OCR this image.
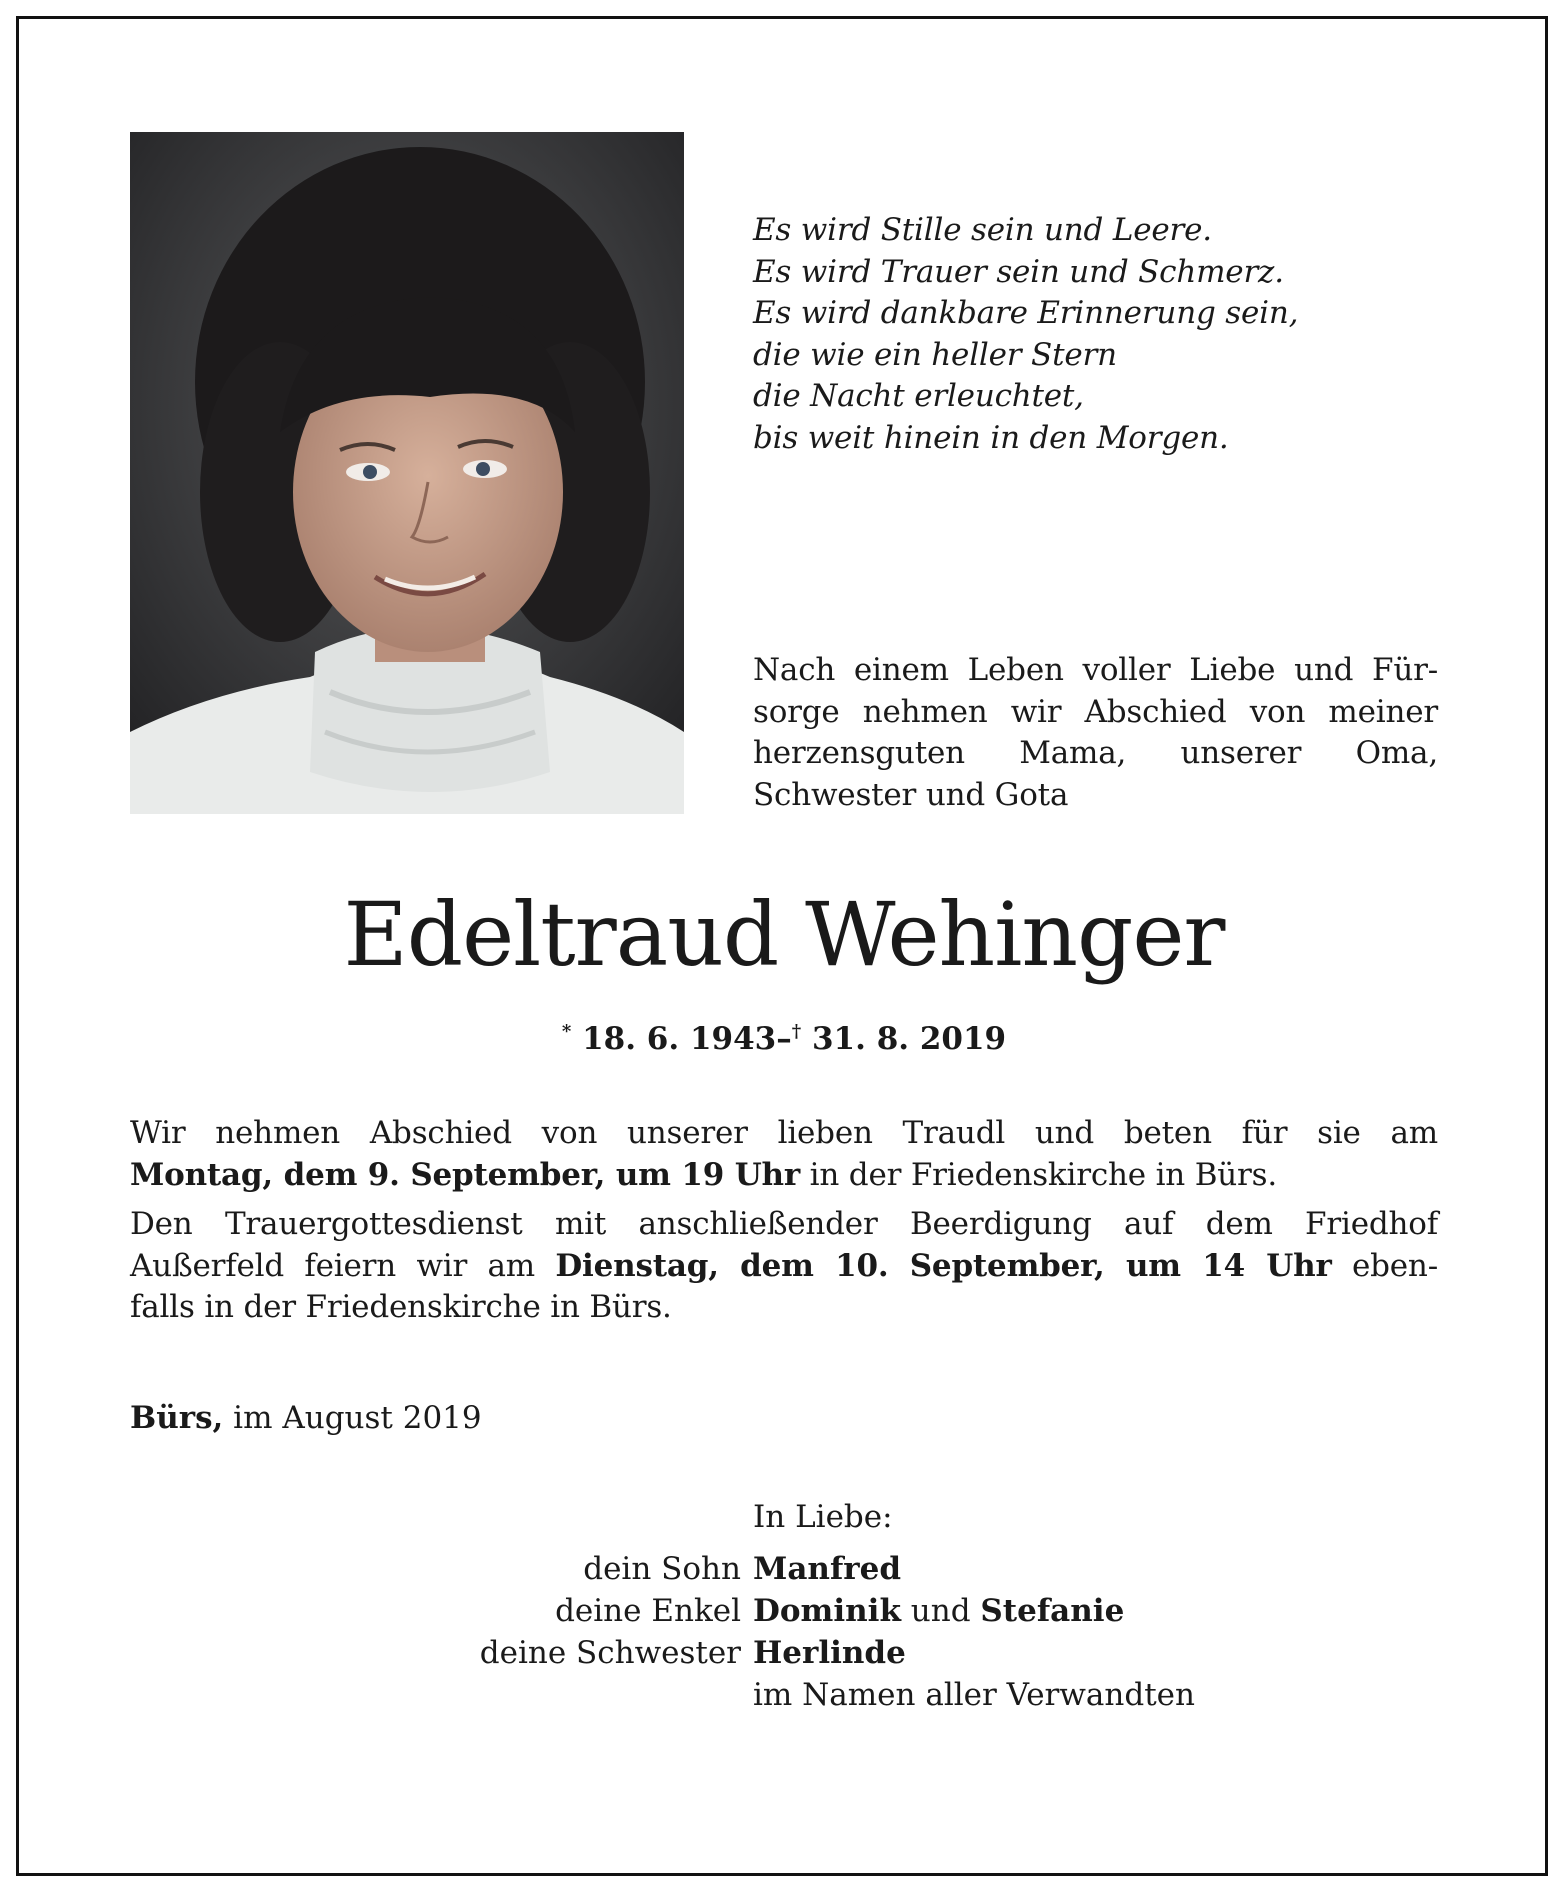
Es wird Stille sein und Leere.
Es wird Trauer sein und Schmerz.
Es wird dankbare Erinnerung sein,
die wie ein heller Stern
die Nacht erleuchtet,
bis weit hinein in den Morgen.
Nach einem Leben voller Liebe und Für-
sorge nehmen wir Abschied von meiner
herzensguten Mama, unserer Oma,
Schwester und Gota
Edeltraud Wehinger
* 18. 6. 1943–† 31. 8. 2019
Wir nehmen Abschied von unserer lieben Traudl und beten für sie am
Montag, dem 9. September, um 19 Uhr in der Friedenskirche in Bürs.
Den Trauergottesdienst mit anschließender Beerdigung auf dem Friedhof
Außerfeld feiern wir am Dienstag, dem 10. September, um 14 Uhr eben-
falls in der Friedenskirche in Bürs.
Bürs, im August 2019
In Liebe:
dein Sohn Manfred
deine Enkel Dominik und Stefanie
deine Schwester Herlinde
im Namen aller Verwandten
